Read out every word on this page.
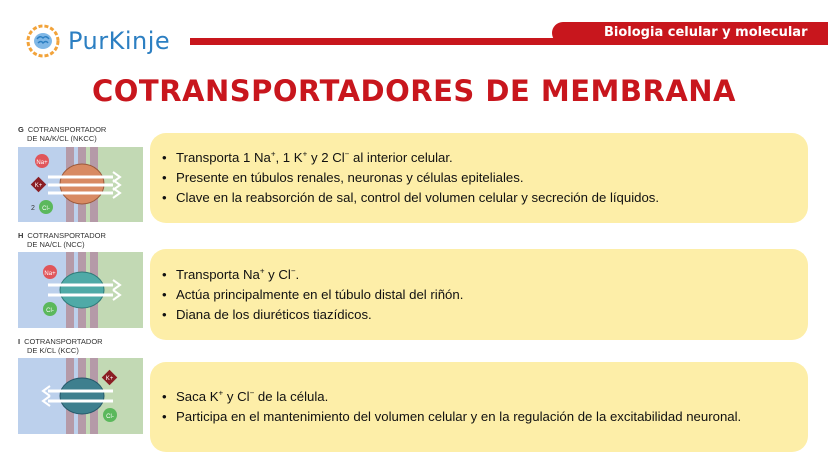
Biologia celular y molecular
PurKinje
COTRANSPORTADORES DE MEMBRANA
G COTRANSPORTADOR
DE NA/K/CL (NKCC)
Na+
K+
2 Cl-
• Transporta 1 Na+, 1 K+ y 2 Cl− al interior celular.
• Presente en túbulos renales, neuronas y células epiteliales.
• Clave en la reabsorción de sal, control del volumen celular y secreción de líquidos.
H COTRANSPORTADOR
DE NA/CL (NCC)
Na+
Cl-
• Transporta Na+ y Cl−.
• Actúa principalmente en el túbulo distal del riñón.
• Diana de los diuréticos tiazídicos.
I COTRANSPORTADOR
DE K/CL (KCC)
K+
Cl-
• Saca K+ y Cl− de la célula.
• Participa en el mantenimiento del volumen celular y en la regulación de la excitabilidad neuronal.
